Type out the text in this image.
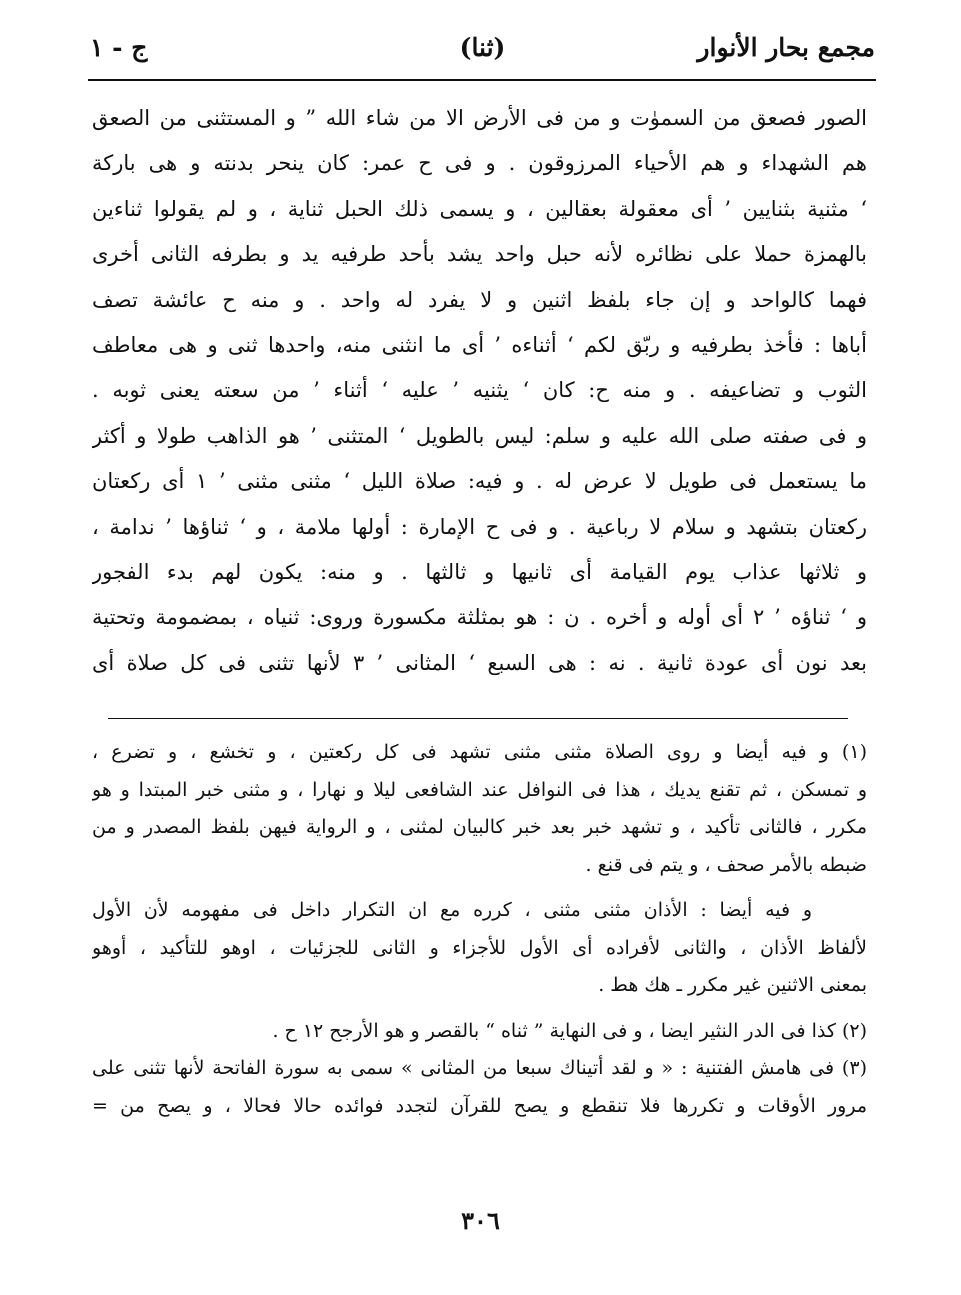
مجمع بحار الأنوار
(ثنا)
ج - ١
الصور فصعق من السموٰت و من فى الأرض الا من شاء الله ” و المستثنى من الصعق
هم الشهداء و هم الأحياء المرزوقون . و فى ح عمر: كان ينحر بدنته و هى باركة
‘ مثنية بثنايين ’ أى معقولة بعقالين ، و يسمى ذلك الحبل ثناية ، و لم يقولوا ثناءين
بالهمزة حملا على نظائره لأنه حبل واحد يشد بأحد طرفيه يد و بطرفه الثانى أخرى
فهما كالواحد و إن جاء بلفظ اثنين و لا يفرد له واحد . و منه ح عائشة تصف
أباها : فأخذ بطرفيه و ربّق لكم ‘ أثناءه ’ أى ما انثنى منه، واحدها ثنى و هى معاطف
الثوب و تضاعيفه . و منه ح: كان ‘ يثنيه ’ عليه ‘ أثناء ’ من سعته يعنى ثوبه .
و فى صفته صلى الله عليه و سلم: ليس بالطويل ‘ المتثنى ’ هو الذاهب طولا و أكثر
ما يستعمل فى طويل لا عرض له . و فيه: صلاة الليل ‘ مثنى مثنى ’ ١ أى ركعتان
ركعتان بتشهد و سلام لا رباعية . و فى ح الإمارة : أولها ملامة ، و ‘ ثناؤها ’ ندامة ،
و ثلاثها عذاب يوم القيامة أى ثانيها و ثالثها . و منه: يكون لهم بدء الفجور
و ‘ ثناؤه ’ ٢ أى أوله و أخره . ن : هو بمثلثة مكسورة وروى: ثنياه ، بمضمومة وتحتية
بعد نون أى عودة ثانية . نه : هى السبع ‘ المثانى ’ ٣ لأنها تثنى فى كل صلاة أى
(١) و فيه أيضا و روى الصلاة مثنى مثنى تشهد فى كل ركعتين ، و تخشع ، و تضرع ،
و تمسكن ، ثم تقنع يديك ، هذا فى النوافل عند الشافعى ليلا و نهارا ، و مثنى خبر المبتدا و هو
مكرر ، فالثانى تأكيد ، و تشهد خبر بعد خبر كالبيان لمثنى ، و الرواية فيهن بلفظ المصدر و من
ضبطه بالأمر صحف ، و يتم فى قنع .
و فيه أيضا : الأذان مثنى مثنى ، كرره مع ان التكرار داخل فى مفهومه لأن الأول
لألفاظ الأذان ، والثانى لأفراده أى الأول للأجزاء و الثانى للجزئيات ، اوهو للتأكيد ، أوهو
بمعنى الاثنين غير مكرر ـ هك هط .
(٢) كذا فى الدر النثير ايضا ، و فى النهاية ” ثناه “ بالقصر و هو الأرجح ١٢ ح .
(٣) فى هامش الفتنية : « و لقد أتيناك سبعا من المثانى » سمى به سورة الفاتحة لأنها تثنى على
مرور الأوقات و تكررها فلا تنقطع و يصح للقرآن لتجدد فوائده حالا فحالا ، و يصح من =
٣٠٦
